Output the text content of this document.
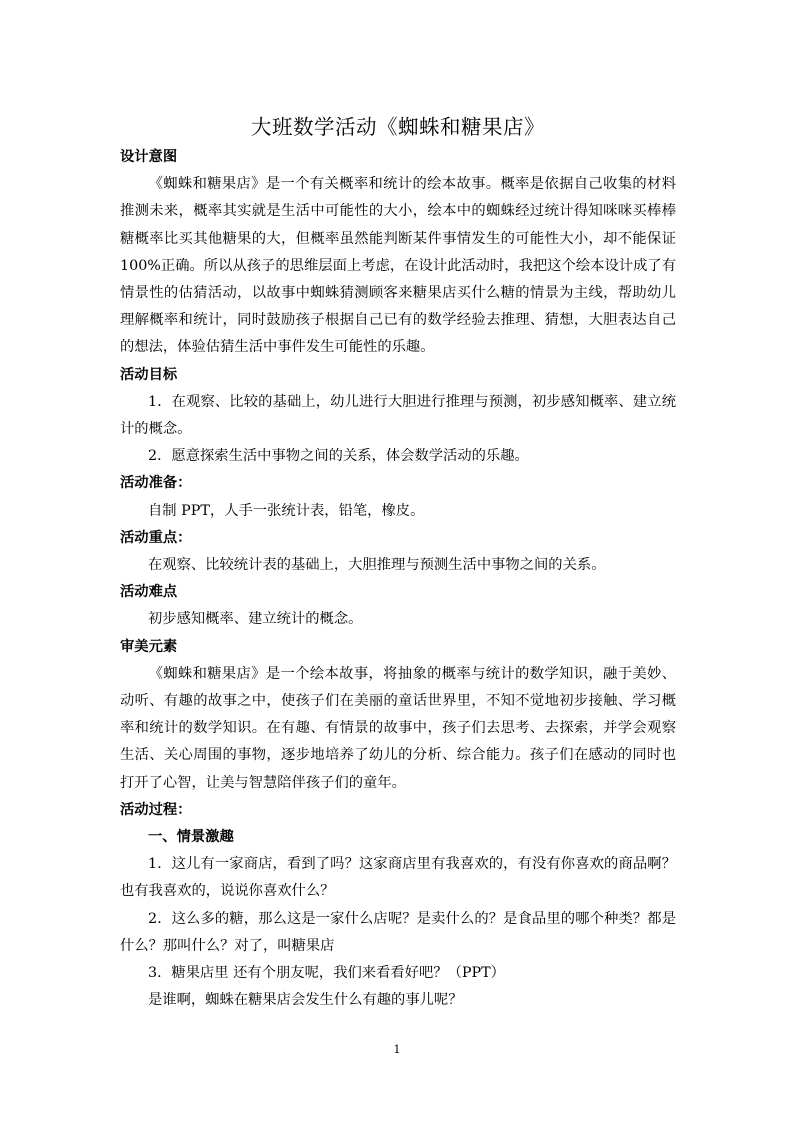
大班数学活动《蜘蛛和糖果店》
设计意图

《蜘蛛和糖果店》是一个有关概率和统计的绘本故事。概率是依据自己收集的材料推测未来，概率其实就是生活中可能性的大小，绘本中的蜘蛛经过统计得知咪咪买棒棒糖概率比买其他糖果的大，但概率虽然能判断某件事情发生的可能性大小，却不能保证100%正确。所以从孩子的思维层面上考虑，在设计此活动时，我把这个绘本设计成了有情景性的估猜活动，以故事中蜘蛛猜测顾客来糖果店买什么糖的情景为主线，帮助幼儿理解概率和统计，同时鼓励孩子根据自己已有的数学经验去推理、猜想，大胆表达自己的想法，体验估猜生活中事件发生可能性的乐趣。

活动目标

1．在观察、比较的基础上，幼儿进行大胆进行推理与预测，初步感知概率、建立统计的概念。

2．愿意探索生活中事物之间的关系，体会数学活动的乐趣。

活动准备：

自制 PPT，人手一张统计表，铅笔，橡皮。

活动重点：

在观察、比较统计表的基础上，大胆推理与预测生活中事物之间的关系。

活动难点

初步感知概率、建立统计的概念。

审美元素

《蜘蛛和糖果店》是一个绘本故事，将抽象的概率与统计的数学知识，融于美妙、动听、有趣的故事之中，使孩子们在美丽的童话世界里，不知不觉地初步接触、学习概率和统计的数学知识。在有趣、有情景的故事中，孩子们去思考、去探索，并学会观察生活、关心周围的事物，逐步地培养了幼儿的分析、综合能力。孩子们在感动的同时也打开了心智，让美与智慧陪伴孩子们的童年。

活动过程：
一、情景激趣

1．这儿有一家商店，看到了吗？这家商店里有我喜欢的，有没有你喜欢的商品啊？也有我喜欢的，说说你喜欢什么？

2．这么多的糖，那么这是一家什么店呢？是卖什么的？是食品里的哪个种类？都是什么？那叫什么？对了，叫糖果店

3．糖果店里 还有个朋友呢，我们来看看好吧？（PPT）

是谁啊，蜘蛛在糖果店会发生什么有趣的事儿呢？

1
